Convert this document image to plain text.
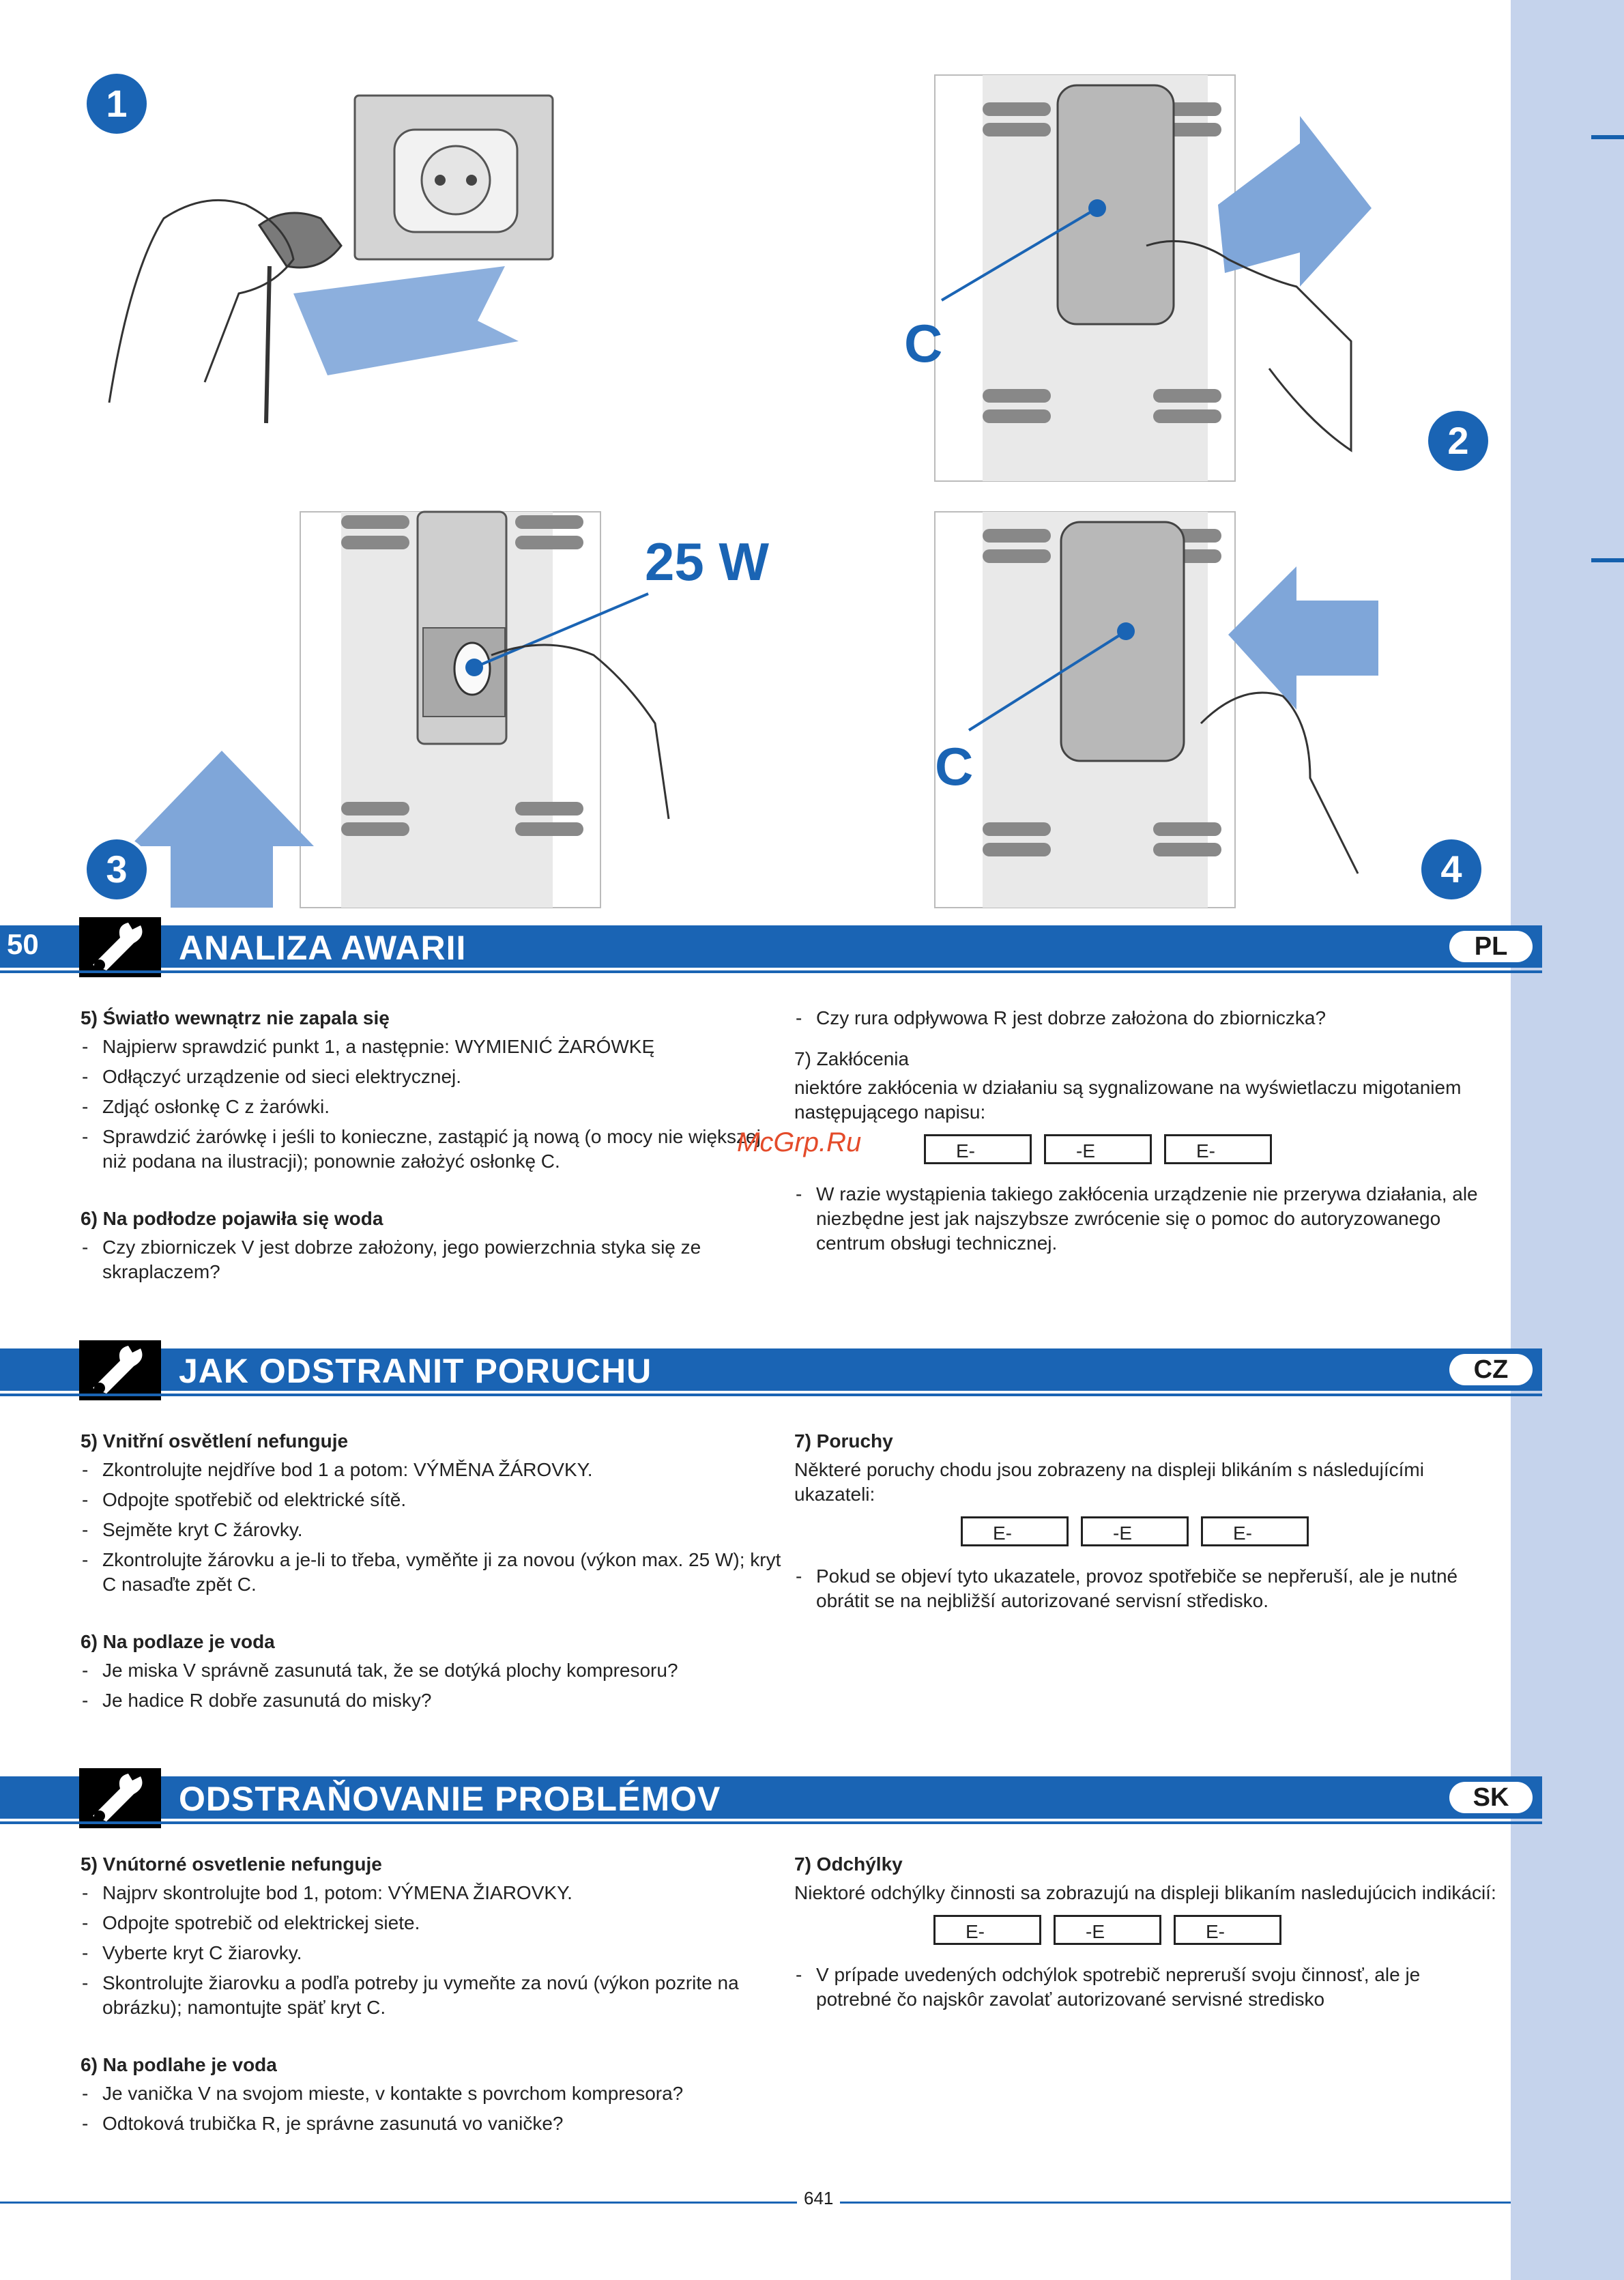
C
C
25 W
1
2
3	4
50	ANALIZA AWARII	PL
5) Światło wewnątrz nie zapala się
- Najpierw sprawdzić punkt 1, a następnie: WYMIENIĆ ŻARÓWKĘ
- Odłączyć urządzenie od sieci elektrycznej.
- Zdjąć osłonkę C z żarówki.
- Sprawdzić żarówkę i jeśli to konieczne, zastąpić ją nową (o mocy nie większej niż podana na ilustracji); ponownie założyć osłonkę C.
6) Na podłodze pojawiła się woda
- Czy zbiorniczek V jest dobrze założony, jego powierzchnia styka się ze skraplaczem?
- Czy rura odpływowa R jest dobrze założona do zbiorniczka?

7) Zakłócenia

niektóre zakłócenia w działaniu są sygnalizowane na wyświetlaczu migotaniem następującego napisu:

E-	-E	E-
- W razie wystąpienia takiego zakłócenia urządzenie nie przerywa działania, ale niezbędne jest jak najszybsze zwrócenie się o pomoc do autoryzowanego centrum obsługi technicznej.
McGrp.Ru
JAK ODSTRANIT PORUCHU	CZ
5) Vnitřní osvětlení nefunguje
- Zkontrolujte nejdříve bod 1 a potom: VÝMĚNA ŽÁROVKY.
- Odpojte spotřebič od elektrické sítě.
- Sejměte kryt C žárovky.
- Zkontrolujte žárovku a je-li to třeba, vyměňte ji za novou (výkon max. 25 W); kryt C nasaďte zpět C.
6) Na podlaze je voda
- Je miska V správně zasunutá tak, že se dotýká plochy kompresoru?
- Je hadice R dobře zasunutá do misky?
7) Poruchy

Některé poruchy chodu jsou zobrazeny na displeji blikáním s následujícími ukazateli:

E-	-E	E-
- Pokud se objeví tyto ukazatele, provoz spotřebiče se nepřeruší, ale je nutné obrátit se na nejbližší autorizované servisní středisko.
ODSTRAŇOVANIE PROBLÉMOV	SK
5) Vnútorné osvetlenie nefunguje
- Najprv skontrolujte bod 1, potom: VÝMENA ŽIAROVKY.
- Odpojte spotrebič od elektrickej siete.
- Vyberte kryt C žiarovky.
- Skontrolujte žiarovku a podľa potreby ju vymeňte za novú (výkon pozrite na obrázku); namontujte späť kryt C.
6) Na podlahe je voda
- Je vanička V na svojom mieste, v kontakte s povrchom kompresora?
- Odtoková trubička R, je správne zasunutá vo vaničke?
7) Odchýlky

Niektoré odchýlky činnosti sa zobrazujú na displeji blikaním nasledujúcich indikácií:

E-	-E	E-
- V prípade uvedených odchýlok spotrebič nepreruší svoju činnosť, ale je potrebné čo najskôr zavolať autorizované servisné stredisko
641
